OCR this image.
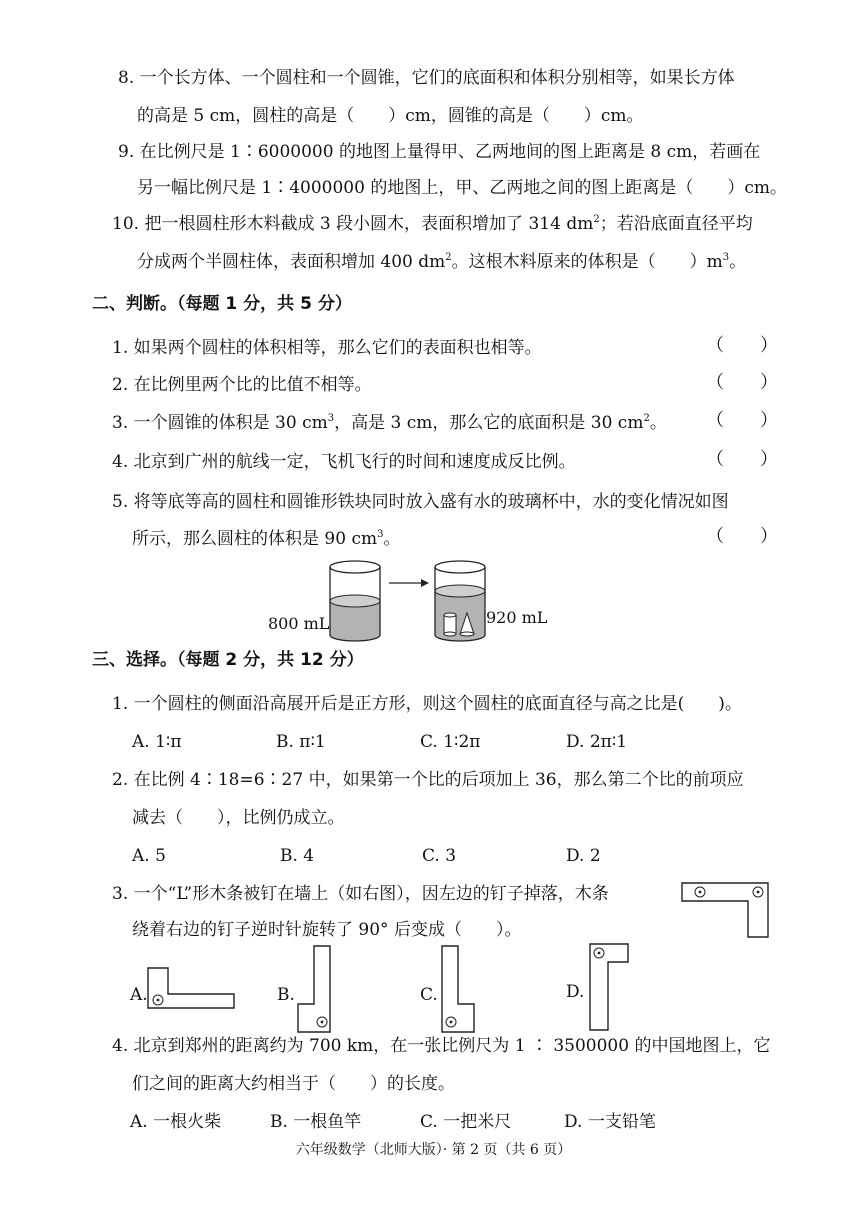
8. 一个长方体、一个圆柱和一个圆锥，它们的底面积和体积分别相等，如果长方体
的高是 5 cm，圆柱的高是（　　）cm，圆锥的高是（　　）cm。
9. 在比例尺是 1∶6000000 的地图上量得甲、乙两地间的图上距离是 8 cm，若画在
另一幅比例尺是 1∶4000000 的地图上，甲、乙两地之间的图上距离是（　　）cm。
10. 把一根圆柱形木料截成 3 段小圆木，表面积增加了 314 $dm^2$；若沿底面直径平均
分成两个半圆柱体，表面积增加 400 $dm^2$。这根木料原来的体积是（　　）$m^3$。
二、判断。（每题 1 分，共 5 分）
1. 如果两个圆柱的体积相等，那么它们的表面积也相等。	（　　）
2. 在比例里两个比的比值不相等。	（　　）
3. 一个圆锥的体积是 30 $cm^3$，高是 3 cm，那么它的底面积是 30 $cm^2$。 （　　）
4. 北京到广州的航线一定，飞机飞行的时间和速度成反比例。	（　　）
5. 将等底等高的圆柱和圆锥形铁块同时放入盛有水的玻璃杯中，水的变化情况如图
所示，那么圆柱的体积是 90 $cm^3$。	（　　）
800 mL	920 mL
三、选择。（每题 2 分，共 12 分）
1. 一个圆柱的侧面沿高展开后是正方形，则这个圆柱的底面直径与高之比是(　　)。
A. 1∶π	B. π∶1	C. 1∶2π	D. 2π∶1
2. 在比例 4∶18=6∶27 中，如果第一个比的后项加上 36，那么第二个比的前项应
减去（　　），比例仍成立。
A. 5	B. 4	C. 3	D. 2
3. 一个“L”形木条被钉在墙上（如右图），因左边的钉子掉落，木条
绕着右边的钉子逆时针旋转了 90° 后变成（　　）。
A.	B.	C.	D.
4. 北京到郑州的距离约为 700 km，在一张比例尺为 1 ∶ 3500000 的中国地图上，它
们之间的距离大约相当于（　　）的长度。
A. 一根火柴	B. 一根鱼竿	C. 一把米尺	D. 一支铅笔
六年级数学（北师大版）· 第 2 页（共 6 页）
